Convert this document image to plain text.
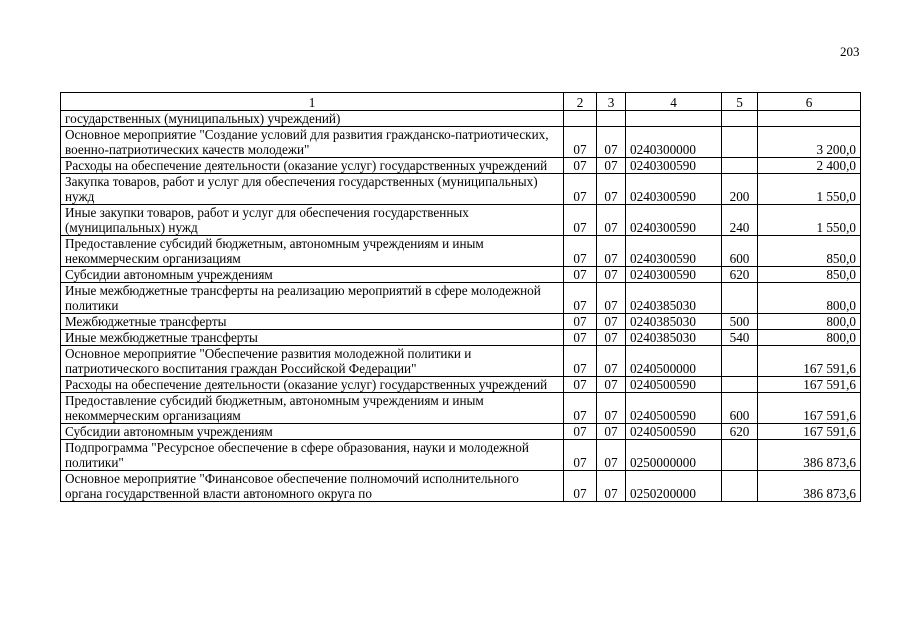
203
1	2	3	4	5	6
государственных (муниципальных) учреждений)					
Основное мероприятие "Создание условий для развития гражданско-патриотических, военно-патриотических качеств молодежи"	07	07	0240300000		3 200,0
Расходы на обеспечение деятельности (оказание услуг) государственных учреждений	07	07	0240300590		2 400,0
Закупка товаров, работ и услуг для обеспечения государственных (муниципальных) нужд	07	07	0240300590	200	1 550,0
Иные закупки товаров, работ и услуг для обеспечения государственных (муниципальных) нужд	07	07	0240300590	240	1 550,0
Предоставление субсидий бюджетным, автономным учреждениям и иным некоммерческим организациям	07	07	0240300590	600	850,0
Субсидии автономным учреждениям	07	07	0240300590	620	850,0
Иные межбюджетные трансферты на реализацию мероприятий в сфере молодежной политики	07	07	0240385030		800,0
Межбюджетные трансферты	07	07	0240385030	500	800,0
Иные межбюджетные трансферты	07	07	0240385030	540	800,0
Основное мероприятие "Обеспечение развития молодежной политики и патриотического воспитания граждан Российской Федерации"	07	07	0240500000		167 591,6
Расходы на обеспечение деятельности (оказание услуг) государственных учреждений	07	07	0240500590		167 591,6
Предоставление субсидий бюджетным, автономным учреждениям и иным некоммерческим организациям	07	07	0240500590	600	167 591,6
Субсидии автономным учреждениям	07	07	0240500590	620	167 591,6
Подпрограмма "Ресурсное обеспечение в сфере образования, науки и молодежной политики"	07	07	0250000000		386 873,6
Основное мероприятие "Финансовое обеспечение полномочий исполнительного органа государственной власти автономного округа по	07	07	0250200000		386 873,6
